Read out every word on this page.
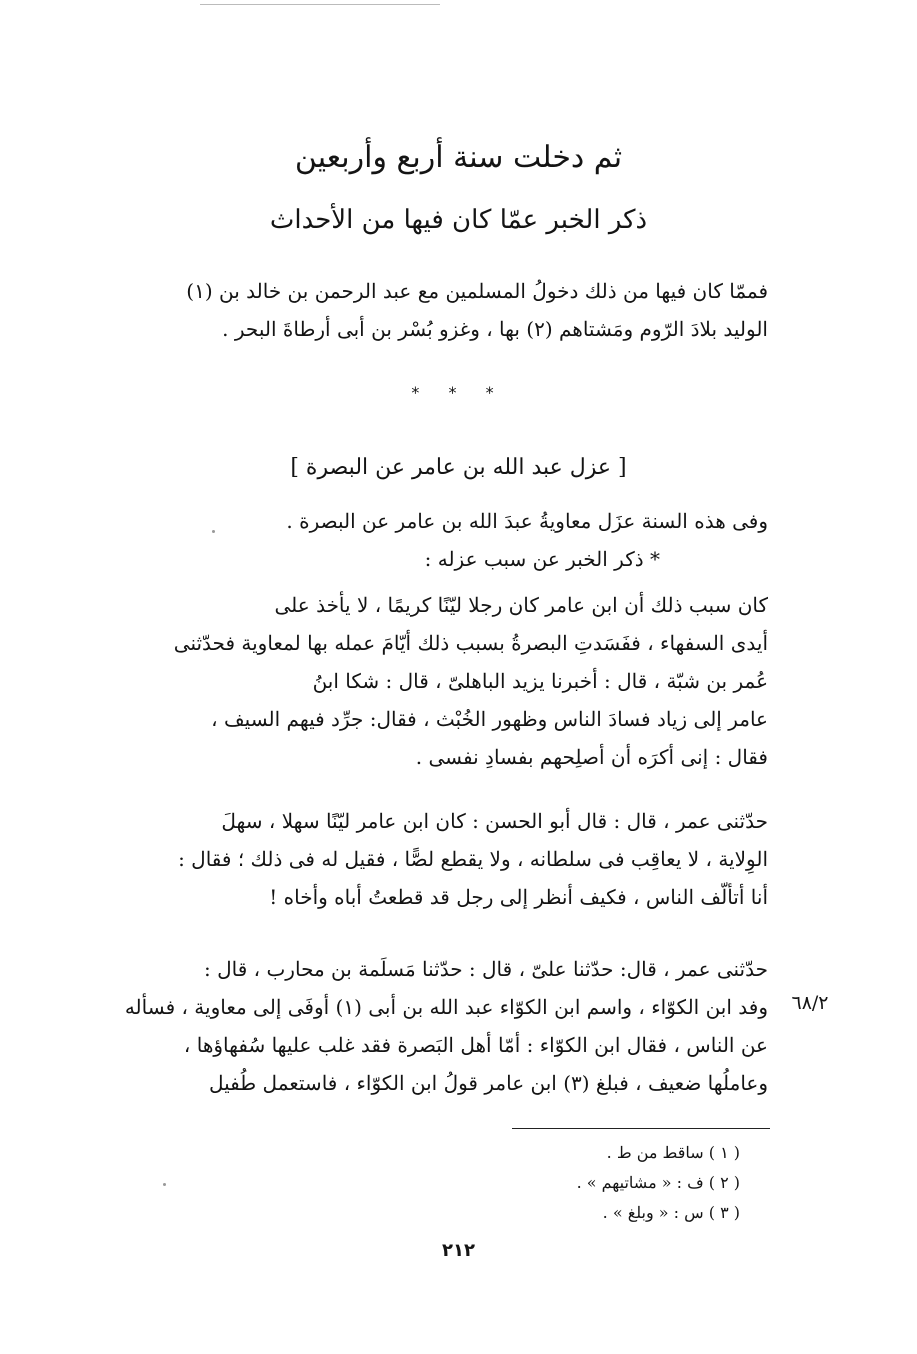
ثم دخلت سنة أربع وأربعين
ذكر الخبر عمّا كان فيها من الأحداث
فممّا كان فيها من ذلك دخولُ المسلمين مع عبد الرحمن بن خالد بن (١)
الوليد بلادَ الرّوم ومَشتاهم (٢) بها ، وغزو بُسْر بن أبى أرطاةَ البحر .
* * *
[ عزل عبد الله بن عامر عن البصرة ]
وفى هذه السنة عزَل معاويةُ عبدَ الله بن عامر عن البصرة .
* ذكر الخبر عن سبب عزله :
كان سبب ذلك أن ابن عامر كان رجلا ليّنًا كريمًا ، لا يأخذ على
أيدى السفهاء ، ففَسَدتِ البصرةُ بسبب ذلك أيّامَ عمله بها لمعاوية فحدّثنى
عُمر بن شبّة ، قال : أخبرنا يزيد الباهلىّ ، قال : شكا ابنُ
عامر إلى زياد فسادَ الناس وظهور الخُبْث ، فقال: جرِّد فيهم السيف ،
فقال : إنى أكرَه أن أصلِحهم بفسادِ نفسى .
حدّثنى عمر ، قال : قال أبو الحسن : كان ابن عامر ليّنًا سهلا ، سهلَ
الوِلاية ، لا يعاقِب فى سلطانه ، ولا يقطع لصًّا ، فقيل له فى ذلك ؛ فقال :
أنا أتألّف الناس ، فكيف أنظر إلى رجل قد قطعتُ أباه وأخاه !
حدّثنى عمر ، قال: حدّثنا علىّ ، قال : حدّثنا مَسلَمة بن محارب ، قال :
وفد ابن الكوّاء ، واسم ابن الكوّاء عبد الله بن أبى (١) أوفَى إلى معاوية ، فسأله
عن الناس ، فقال ابن الكوّاء : أمّا أهل البَصرة فقد غلب عليها سُفهاؤها ،
وعاملُها ضعيف ، فبلغ (٣) ابن عامر قولُ ابن الكوّاء ، فاستعمل طُفيل
٦٨/٢
( ١ ) ساقط من ط .
( ٢ ) ف : « مشاتيهم » .
( ٣ ) س : « وبلغ » .
٢١٢
